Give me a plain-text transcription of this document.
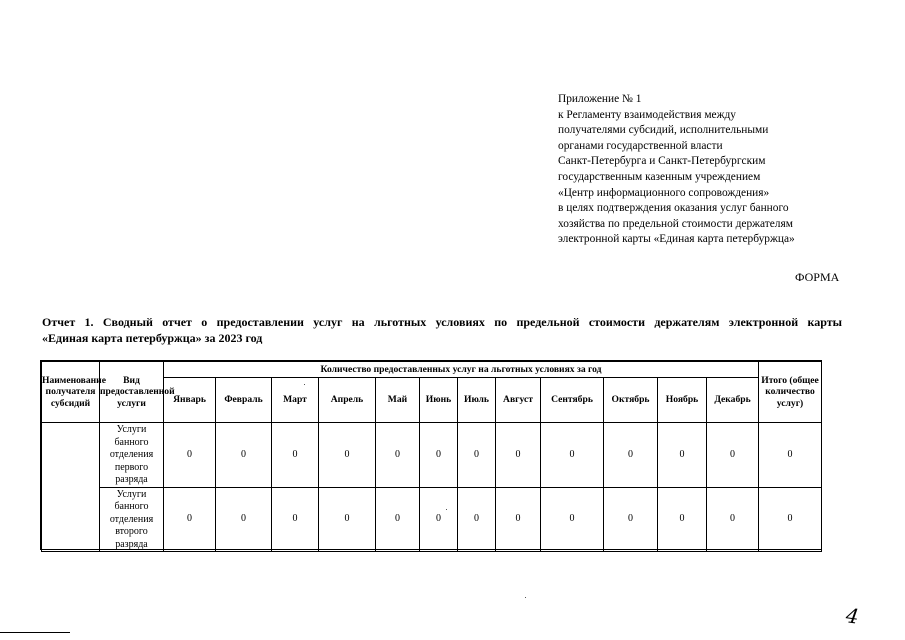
Приложение № 1
к Регламенту взаимодействия между
получателями субсидий, исполнительными
органами государственной власти
Санкт-Петербурга и Санкт-Петербургским
государственным казенным учреждением
«Центр информационного сопровождения»
в целях подтверждения оказания услуг банного
хозяйства по предельной стоимости держателям
электронной карты «Единая карта петербуржца»
ФОРМА
Отчет 1. Сводный отчет о предоставлении услуг на льготных условиях по предельной стоимости держателям электронной карты
«Единая карта петербуржца» за 2023 год
Наименование получателя субсидий	Вид предоставленной услуги	Количество предоставленных услуг на льготных условиях за год												Итого (общее количество услуг)
		Январь	Февраль	Март	Апрель	Май	Июнь	Июль	Август	Сентябрь	Октябрь	Ноябрь	Декабрь	
	Услуги банного отделения первого разряда	0	0	0	0	0	0	0	0	0	0	0	0	0
	Услуги банного отделения второго разряда	0	0	0	0	0	0	0	0	0	0	0	0	0
4
